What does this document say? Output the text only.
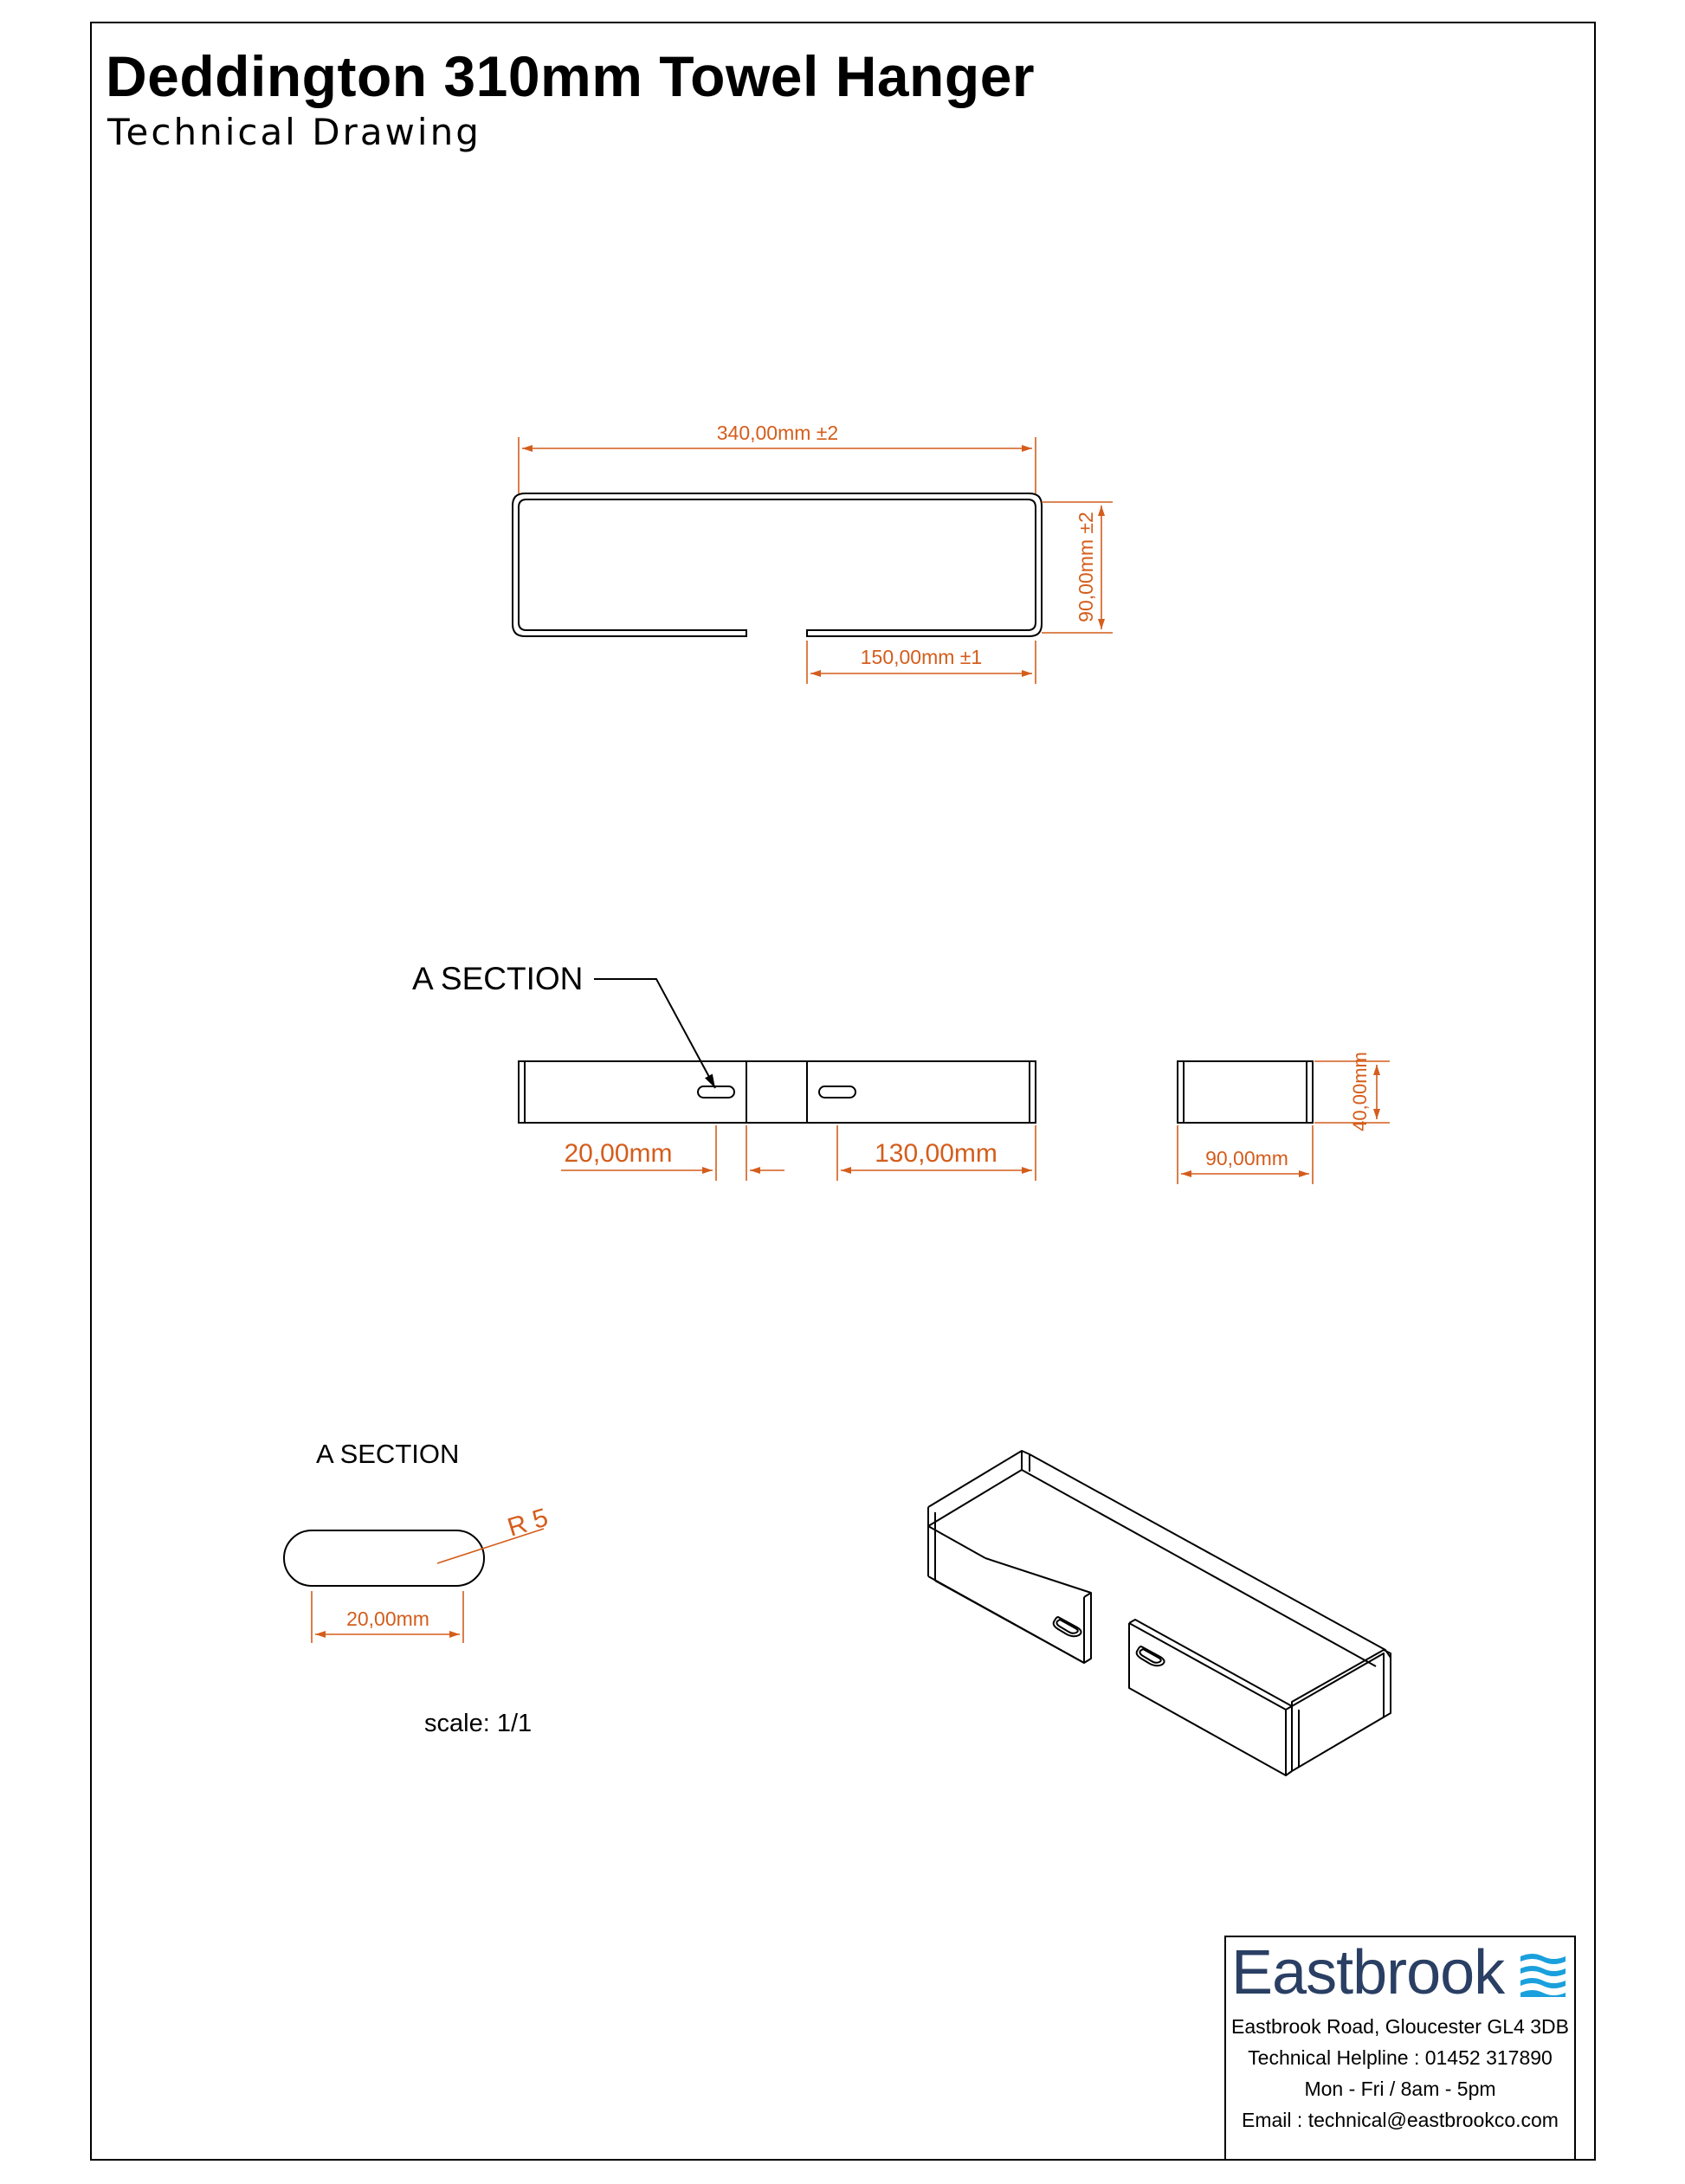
340,00mm ±2
90,00mm ±2
150,00mm ±1
A SECTION
20,00mm	130,00mm
40,00mm
90,00mm
A SECTION
R 5
20,00mm
scale: 1/1
Deddington 310mm Towel Hanger
Technical Drawing
Eastbrook
Eastbrook Road, Gloucester GL4 3DB
Technical Helpline : 01452 317890
Mon - Fri / 8am - 5pm
Email : technical@eastbrookco.com
